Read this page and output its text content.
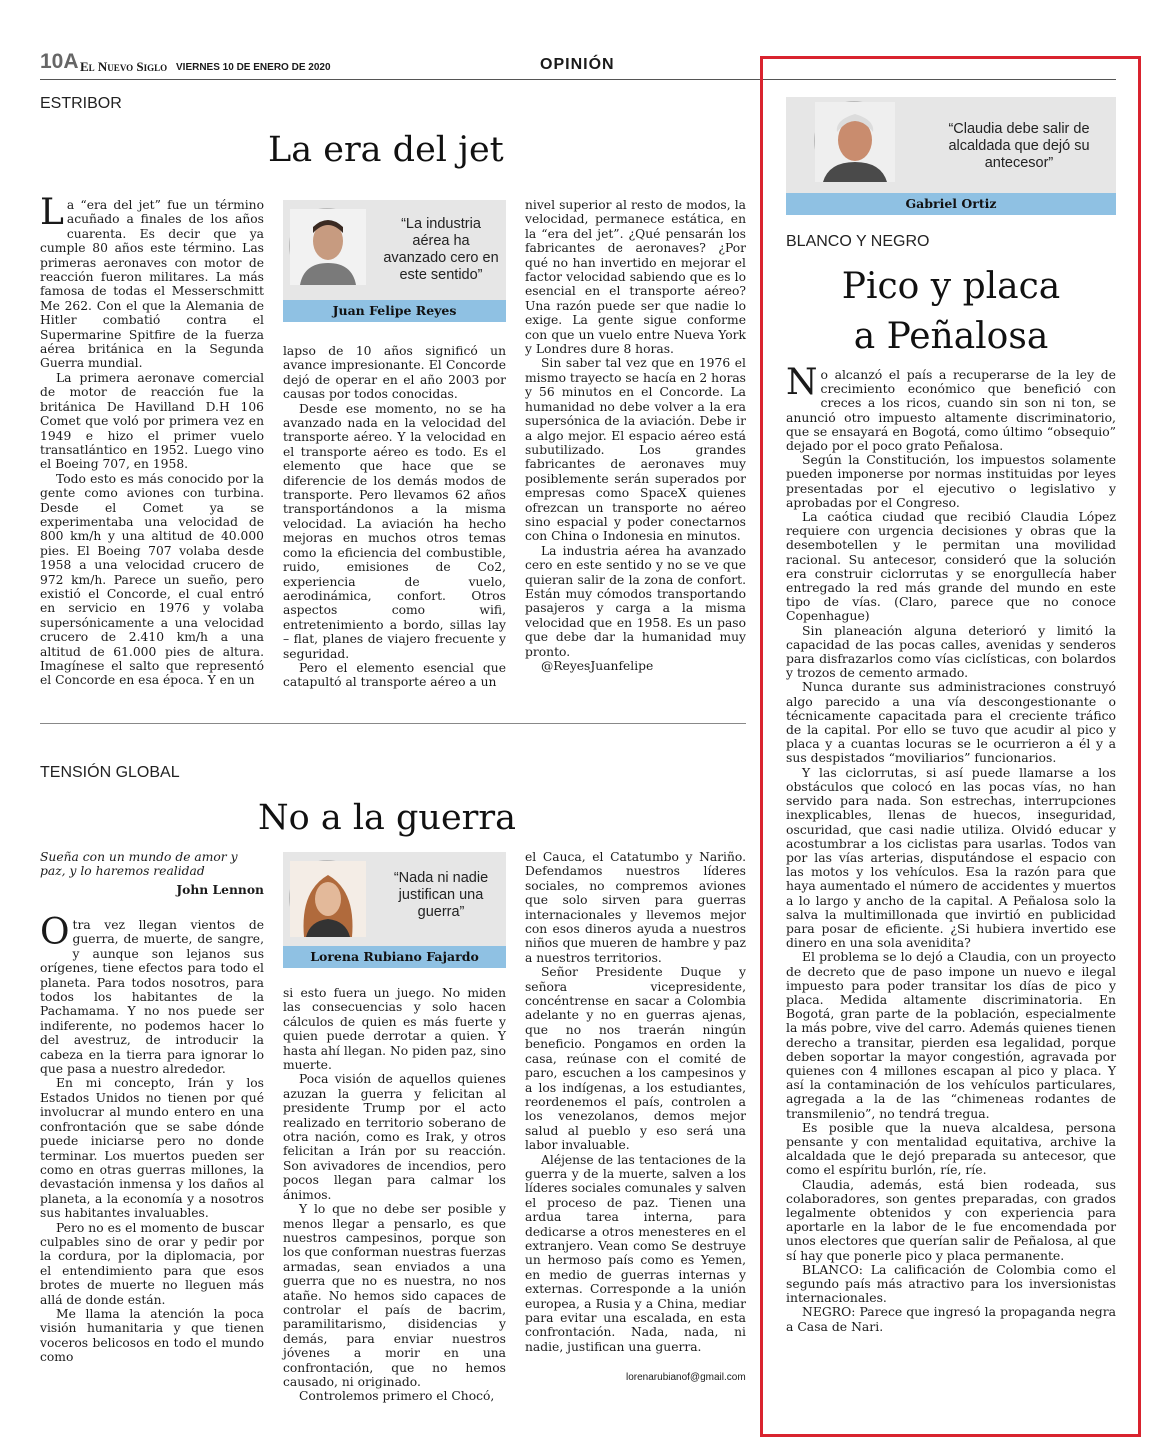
10A El Nuevo Siglo VIERNES 10 DE ENERO DE 2020	OPINIÓN
ESTRIBOR
La era del jet
L a “era del jet” fue un término acuñado a finales de los años cuarenta. Es decir que ya cumple 80 años este término. Las primeras aeronaves con motor de reacción fueron militares. La más famosa de todas el Messerschmitt Me 262. Con el que la Alemania de Hitler combatió contra el Supermarine Spitfire de la fuerza aérea británica en la Segunda Guerra mundial.

La primera aeronave comercial de motor de reacción fue la británica De Havilland D.H 106 Comet que voló por primera vez en 1949 e hizo el primer vuelo transatlántico en 1952. Luego vino el Boeing 707, en 1958.

Todo esto es más conocido por la gente como aviones con turbina. Desde el Comet ya se experimentaba una velocidad de 800 km/h y una altitud de 40.000 pies. El Boeing 707 volaba desde 1958 a una velocidad crucero de 972 km/h. Parece un sueño, pero existió el Concorde, el cual entró en servicio en 1976 y volaba supersónicamente a una velocidad crucero de 2.410 km/h a una altitud de 61.000 pies de altura. Imagínese el salto que representó el Concorde en esa época. Y en un

“La industria aérea ha avanzado cero en este sentido”
Juan Felipe Reyes

lapso de 10 años significó un avance impresionante. El Concorde dejó de operar en el año 2003 por causas por todos conocidas.

Desde ese momento, no se ha avanzado nada en la velocidad del transporte aéreo. Y la velocidad en el transporte aéreo es todo. Es el elemento que hace que se diferencie de los demás modos de transporte. Pero llevamos 62 años transportándonos a la misma velocidad. La aviación ha hecho mejoras en muchos otros temas como la eficiencia del combustible, ruido, emisiones de Co2, experiencia de vuelo, aerodinámica, confort. Otros aspectos como wifi, entretenimiento a bordo, sillas lay – flat, planes de viajero frecuente y seguridad.

Pero el elemento esencial que catapultó al transporte aéreo a un

nivel superior al resto de modos, la velocidad, permanece estática, en la “era del jet”. ¿Qué pensarán los fabricantes de aeronaves? ¿Por qué no han invertido en mejorar el factor velocidad sabiendo que es lo esencial en el transporte aéreo? Una razón puede ser que nadie lo exige. La gente sigue conforme con que un vuelo entre Nueva York y Londres dure 8 horas.

Sin saber tal vez que en 1976 el mismo trayecto se hacía en 2 horas y 56 minutos en el Concorde. La humanidad no debe volver a la era supersónica de la aviación. Debe ir a algo mejor. El espacio aéreo está subutilizado. Los grandes fabricantes de aeronaves muy posiblemente serán superados por empresas como SpaceX quienes ofrezcan un transporte no aéreo sino espacial y poder conectarnos con China o Indonesia en minutos.

La industria aérea ha avanzado cero en este sentido y no se ve que quieran salir de la zona de confort. Están muy cómodos transportando pasajeros y carga a la misma velocidad que en 1958. Es un paso que debe dar la humanidad muy pronto.

@ReyesJuanfelipe

TENSIÓN GLOBAL
No a la guerra
Sueña con un mundo de amor y paz, y lo haremos realidad
John Lennon
O tra vez llegan vientos de guerra, de muerte, de sangre, y aunque son lejanos sus orígenes, tiene efectos para todo el planeta. Para todos nosotros, para todos los habitantes de la Pachamama. Y no nos puede ser indiferente, no podemos hacer lo del avestruz, de introducir la cabeza en la tierra para ignorar lo que pasa a nuestro alrededor.

En mi concepto, Irán y los Estados Unidos no tienen por qué involucrar al mundo entero en una confrontación que se sabe dónde puede iniciarse pero no donde terminar. Los muertos pueden ser como en otras guerras millones, la devastación inmensa y los daños al planeta, a la economía y a nosotros sus habitantes invaluables.

Pero no es el momento de buscar culpables sino de orar y pedir por la cordura, por la diplomacia, por el entendimiento para que esos brotes de muerte no lleguen más allá de donde están.

Me llama la atención la poca visión humanitaria y que tienen voceros belicosos en todo el mundo como

“Nada ni nadie justifican una guerra”
Lorena Rubiano Fajardo

si esto fuera un juego. No miden las consecuencias y solo hacen cálculos de quien es más fuerte y quien puede derrotar a quien. Y hasta ahí llegan. No piden paz, sino muerte.

Poca visión de aquellos quienes azuzan la guerra y felicitan al presidente Trump por el acto realizado en territorio soberano de otra nación, como es Irak, y otros felicitan a Irán por su reacción. Son avivadores de incendios, pero pocos llegan para calmar los ánimos.

Y lo que no debe ser posible y menos llegar a pensarlo, es que nuestros campesinos, porque son los que conforman nuestras fuerzas armadas, sean enviados a una guerra que no es nuestra, no nos atañe. No hemos sido capaces de controlar el país de bacrim, paramilitarismo, disidencias y demás, para enviar nuestros jóvenes a morir en una confrontación, que no hemos causado, ni originado.

Controlemos primero el Chocó,

el Cauca, el Catatumbo y Nariño. Defendamos nuestros líderes sociales, no compremos aviones que solo sirven para guerras internacionales y llevemos mejor con esos dineros ayuda a nuestros niños que mueren de hambre y paz a nuestros territorios.

Señor Presidente Duque y señora vicepresidente, concéntrense en sacar a Colombia adelante y no en guerras ajenas, que no nos traerán ningún beneficio. Pongamos en orden la casa, reúnase con el comité de paro, escuchen a los campesinos y a los indígenas, a los estudiantes, reordenemos el país, controlen a los venezolanos, demos mejor salud al pueblo y eso será una labor invaluable.

Aléjense de las tentaciones de la guerra y de la muerte, salven a los líderes sociales comunales y salven el proceso de paz. Tienen una ardua tarea interna, para dedicarse a otros menesteres en el extranjero. Vean como Se destruye un hermoso país como es Yemen, en medio de guerras internas y externas. Corresponde a la unión europea, a Rusia y a China, mediar para evitar una escalada, en esta confrontación. Nada, nada, ni nadie, justifican una guerra.

lorenarubianof@gmail.com
“Claudia debe salir de alcaldada que dejó su antecesor”
Gabriel Ortiz
BLANCO Y NEGRO
Pico y placa
a Peñalosa
N o alcanzó el país a recuperarse de la ley de crecimiento económico que benefició con creces a los ricos, cuando sin son ni ton, se anunció otro impuesto altamente discriminatorio, que se ensayará en Bogotá, como último “obsequio” dejado por el poco grato Peñalosa.

Según la Constitución, los impuestos solamente pueden imponerse por normas instituidas por leyes presentadas por el ejecutivo o legislativo y aprobadas por el Congreso.

La caótica ciudad que recibió Claudia López requiere con urgencia decisiones y obras que la desembotellen y le permitan una movilidad racional. Su antecesor, consideró que la solución era construir ciclorrutas y se enorgullecía haber entregado la red más grande del mundo en este tipo de vías. (Claro, parece que no conoce Copenhague)

Sin planeación alguna deterioró y limitó la capacidad de las pocas calles, avenidas y senderos para disfrazarlos como vías ciclísticas, con bolardos y trozos de cemento armado.

Nunca durante sus administraciones construyó algo parecido a una vía descongestionante o técnicamente capacitada para el creciente tráfico de la capital. Por ello se tuvo que acudir al pico y placa y a cuantas locuras se le ocurrieron a él y a sus despistados “moviliarios” funcionarios.

Y las ciclorrutas, si así puede llamarse a los obstáculos que colocó en las pocas vías, no han servido para nada. Son estrechas, interrupciones inexplicables, llenas de huecos, inseguridad, oscuridad, que casi nadie utiliza. Olvidó educar y acostumbrar a los ciclistas para usarlas. Todos van por las vías arterias, disputándose el espacio con las motos y los vehículos. Esa la razón para que haya aumentado el número de accidentes y muertos a lo largo y ancho de la capital. A Peñalosa solo la salva la multimillonada que invirtió en publicidad para posar de eficiente. ¿Si hubiera invertido ese dinero en una sola avenidita?

El problema se lo dejó a Claudia, con un proyecto de decreto que de paso impone un nuevo e ilegal impuesto para poder transitar los días de pico y placa. Medida altamente discriminatoria. En Bogotá, gran parte de la población, especialmente la más pobre, vive del carro. Además quienes tienen derecho a transitar, pierden esa legalidad, porque deben soportar la mayor congestión, agravada por quienes con 4 millones escapan al pico y placa. Y así la contaminación de los vehículos particulares, agregada a la de las “chimeneas rodantes de transmilenio”, no tendrá tregua.

Es posible que la nueva alcaldesa, persona pensante y con mentalidad equitativa, archive la alcaldada que le dejó preparada su antecesor, que como el espíritu burlón, ríe, ríe.

Claudia, además, está bien rodeada, sus colaboradores, son gentes preparadas, con grados legalmente obtenidos y con experiencia para aportarle en la labor de le fue encomendada por unos electores que querían salir de Peñalosa, al que sí hay que ponerle pico y placa permanente.

BLANCO: La calificación de Colombia como el segundo país más atractivo para los inversionistas internacionales.

NEGRO: Parece que ingresó la propaganda negra a Casa de Nari.
